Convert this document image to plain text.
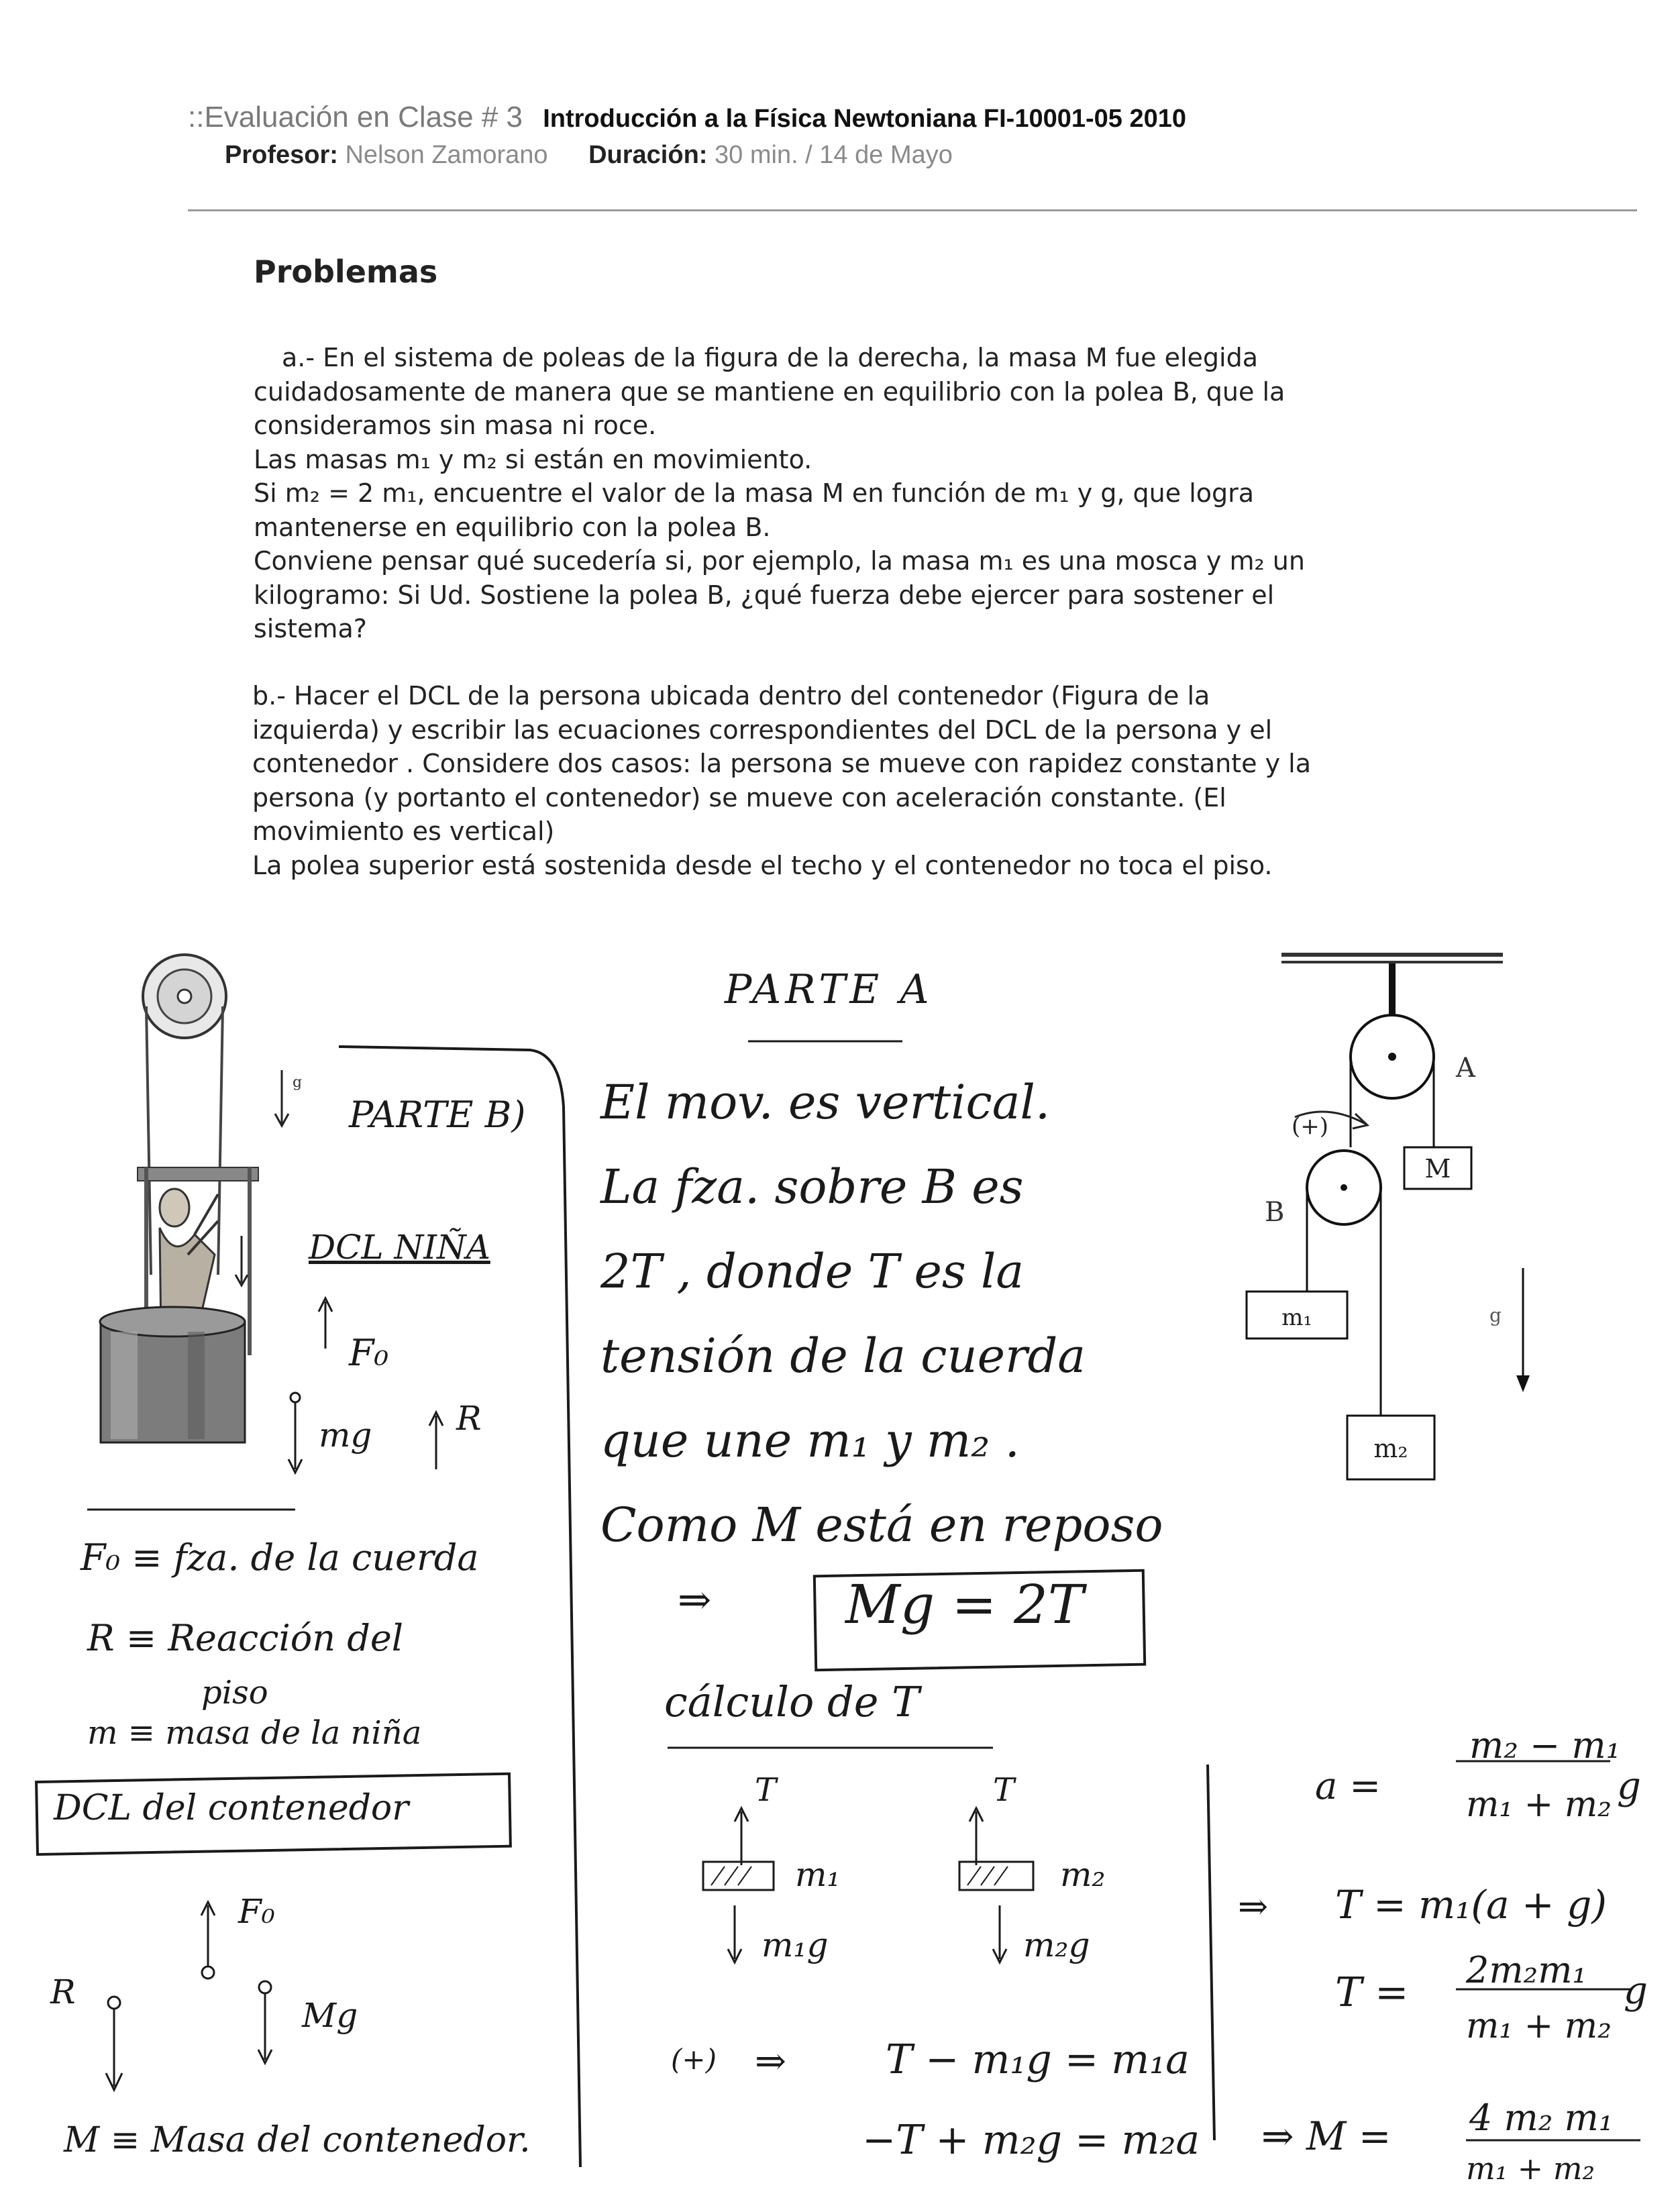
::Evaluación en Clase # 3 Introducción a la Física Newtoniana FI-10001-05 2010
Profesor: Nelson Zamorano Duración: 30 min. / 14 de Mayo
Problemas
a.- En el sistema de poleas de la figura de la derecha, la masa M fue elegida
cuidadosamente de manera que se mantiene en equilibrio con la polea B, que la
consideramos sin masa ni roce.
Las masas m₁ y m₂ si están en movimiento.
Si m₂ = 2 m₁, encuentre el valor de la masa M en función de m₁ y g, que logra
mantenerse en equilibrio con la polea B.
Conviene pensar qué sucedería si, por ejemplo, la masa m₁ es una mosca y m₂ un
kilogramo: Si Ud. Sostiene la polea B, ¿qué fuerza debe ejercer para sostener el
sistema?
b.- Hacer el DCL de la persona ubicada dentro del contenedor (Figura de la
izquierda) y escribir las ecuaciones correspondientes del DCL de la persona y el
contenedor . Considere dos casos: la persona se mueve con rapidez constante y la
persona (y portanto el contenedor) se mueve con aceleración constante. (El
movimiento es vertical)
La polea superior está sostenida desde el techo y el contenedor no toca el piso.
g	A
M
B
(+)
m₁
m₂
g
PARTE B)
DCL NIÑA
F₀
mg	R
F₀ ≡ fza. de la cuerda
R ≡ Reacción del
piso
m ≡ masa de la niña
DCL del contenedor
F₀
R
Mg
M ≡ Masa del contenedor.
PARTE A
El mov. es vertical.
La fza. sobre B es
2T , donde T es la
tensión de la cuerda
que une m₁ y m₂ .
Como M está en reposo
⇒ Mg = 2T
cálculo de T
T	T
m₁	m₂
m₁g	m₂g
(+) ⇒ T − m₁g = m₁a
−T + m₂g = m₂a
a =
m₂ − m₁
m₁ + m₂ g
⇒ T = m₁(a + g)
T = 2m₂m₁
m₁ + m₂
g
⇒ M = 4 m₂ m₁
m₁ + m₂
